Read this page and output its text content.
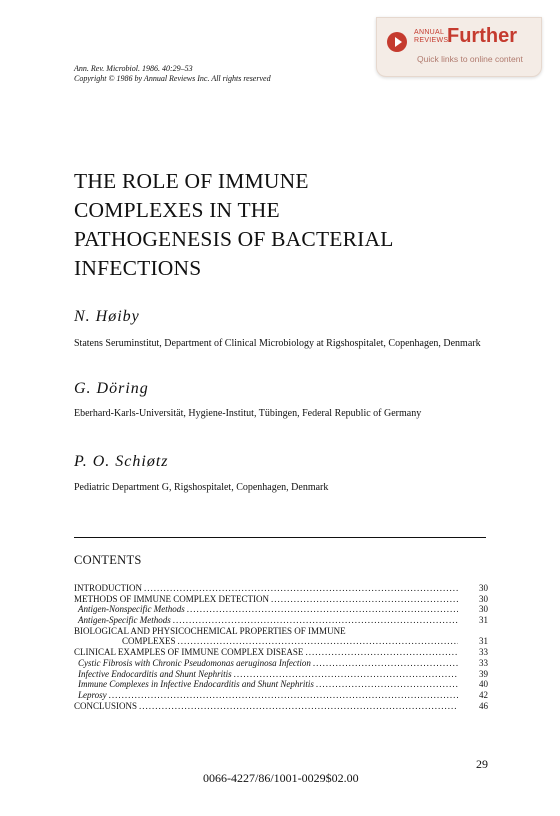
ANNUAL
REVIEWS
Further
Quick links to online content
Ann. Rev. Microbiol. 1986. 40:29–53
Copyright © 1986 by Annual Reviews Inc. All rights reserved
THE ROLE OF IMMUNE
COMPLEXES IN THE
PATHOGENESIS OF BACTERIAL
INFECTIONS
N. Høiby
Statens Seruminstitut, Department of Clinical Microbiology at Rigshospitalet, Copenhagen, Denmark
G. Döring
Eberhard-Karls-Universität, Hygiene-Institut, Tübingen, Federal Republic of Germany
P. O. Schiøtz
Pediatric Department G, Rigshospitalet, Copenhagen, Denmark
CONTENTS
INTRODUCTION .....	30
METHODS OF IMMUNE COMPLEX DETECTION .....	30
Antigen-Nonspecific Methods .....	30
Antigen-Specific Methods .....	31
BIOLOGICAL AND PHYSICOCHEMICAL PROPERTIES OF IMMUNE
COMPLEXES .....	31
CLINICAL EXAMPLES OF IMMUNE COMPLEX DISEASE .....	33
Cystic Fibrosis with Chronic Pseudomonas aeruginosa Infection .....	33
Infective Endocarditis and Shunt Nephritis .....	39
Immune Complexes in Infective Endocarditis and Shunt Nephritis .....	40
Leprosy .....	42
CONCLUSIONS .....	46
29
0066-4227/86/1001-0029$02.00
